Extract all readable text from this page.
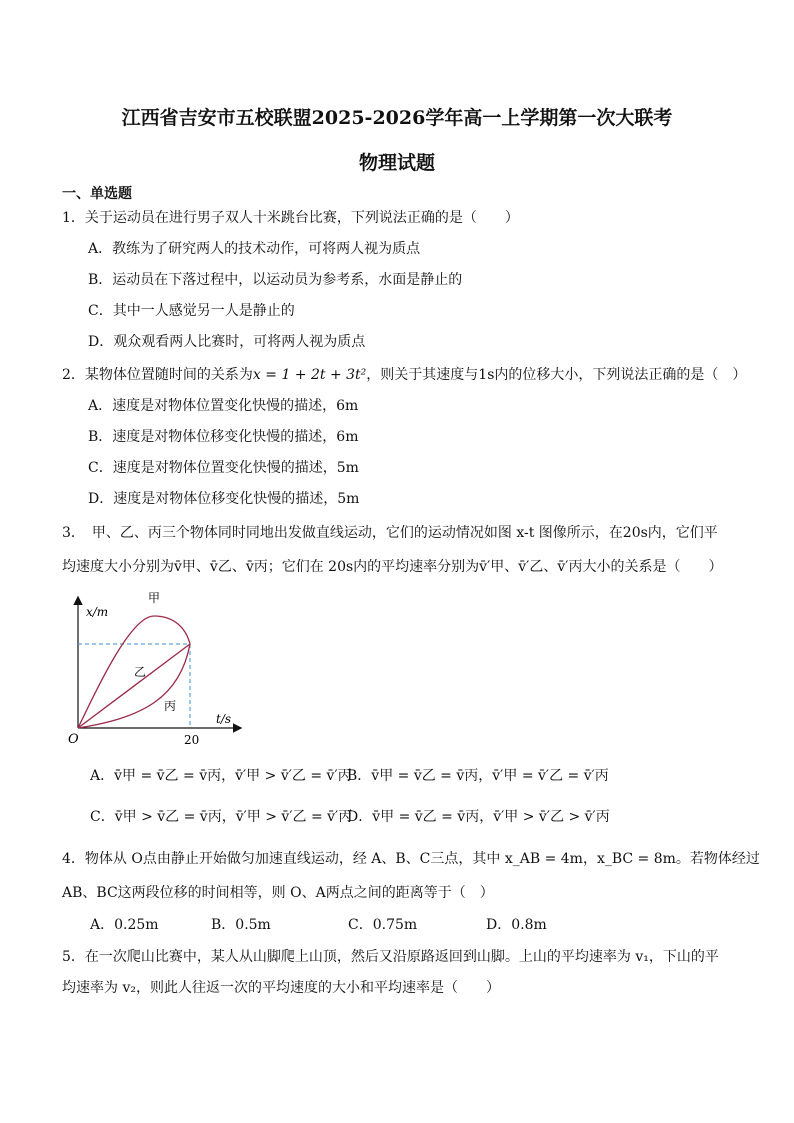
江西省吉安市五校联盟2025-2026学年高一上学期第一次大联考
物理试题
一、单选题
1．关于运动员在进行男子双人十米跳台比赛，下列说法正确的是（　　）
A．教练为了研究两人的技术动作，可将两人视为质点
B．运动员在下落过程中，以运动员为参考系，水面是静止的
C．其中一人感觉另一人是静止的
D．观众观看两人比赛时，可将两人视为质点
2．某物体位置随时间的关系为x = 1 + 2t + 3t²，则关于其速度与1s内的位移大小，下列说法正确的是（　）
A．速度是对物体位置变化快慢的描述，6m
B．速度是对物体位移变化快慢的描述，6m
C．速度是对物体位置变化快慢的描述，5m
D．速度是对物体位移变化快慢的描述，5m
3．　甲、乙、丙三个物体同时同地出发做直线运动，它们的运动情况如图 x-t 图像所示，在20s内，它们平
均速度大小分别为v̄甲、v̄乙、v̄丙；它们在 20s内的平均速率分别为v̄′甲、v̄′乙、v̄′丙大小的关系是（　　）
x/m
t/s
O	20
甲
乙
丙
A．v̄甲 = v̄乙 = v̄丙，v̄′甲 > v̄′乙 = v̄′丙
B．v̄甲 = v̄乙 = v̄丙，v̄′甲 = v̄′乙 = v̄′丙
C．v̄甲 > v̄乙 = v̄丙，v̄′甲 > v̄′乙 = v̄′丙
D．v̄甲 = v̄乙 = v̄丙，v̄′甲 > v̄′乙 > v̄′丙
4．物体从 O点由静止开始做匀加速直线运动，经 A、B、C三点，其中 x_AB = 4m，x_BC = 8m。若物体经过
AB、BC这两段位移的时间相等，则 O、A两点之间的距离等于（　）
A．0.25m	B．0.5m	C．0.75m	D．0.8m
5．在一次爬山比赛中，某人从山脚爬上山顶，然后又沿原路返回到山脚。上山的平均速率为 v₁，下山的平
均速率为 v₂，则此人往返一次的平均速度的大小和平均速率是（　　）
